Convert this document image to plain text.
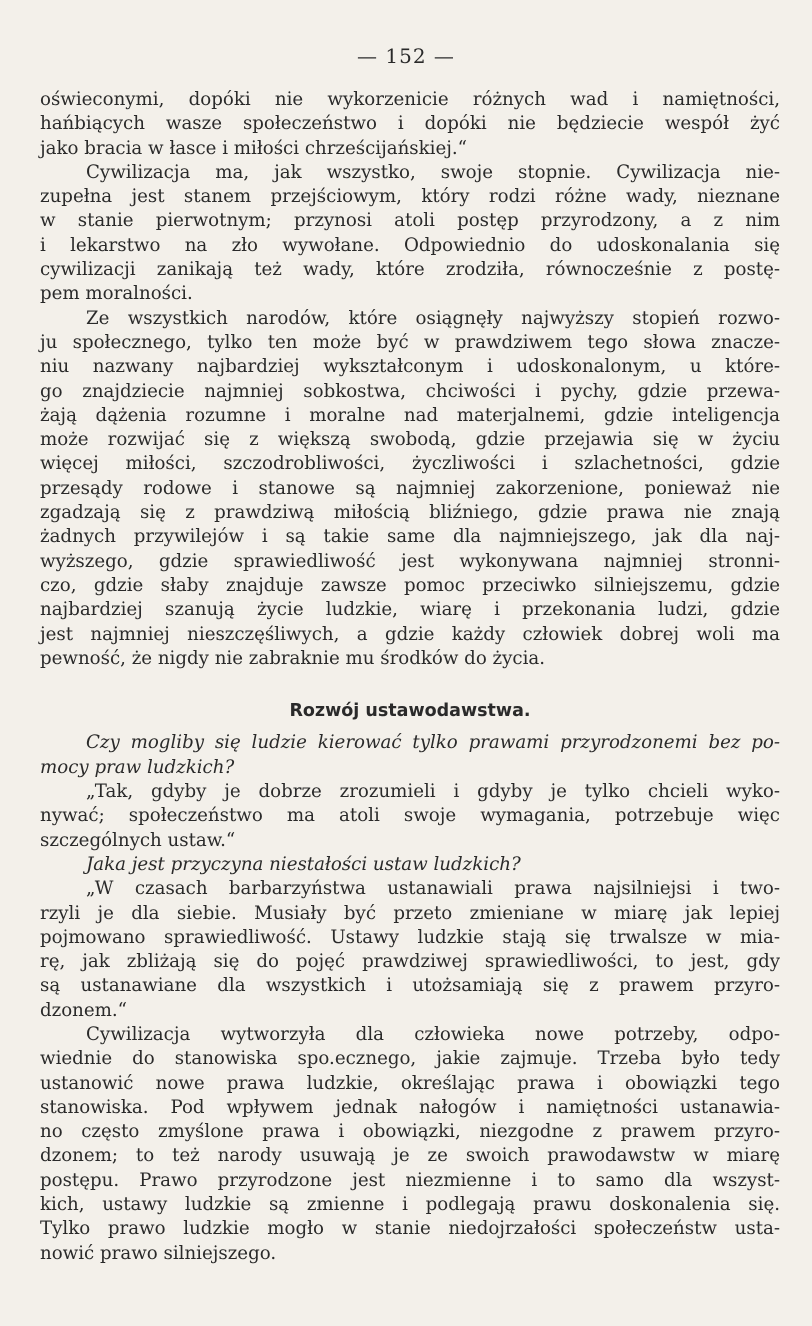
— 152 —
oświeconymi, dopóki nie wykorzenicie różnych wad i namiętności,
hańbiących wasze społeczeństwo i dopóki nie będziecie wespół żyć
jako bracia w łasce i miłości chrześcijańskiej.“
Cywilizacja ma, jak wszystko, swoje stopnie. Cywilizacja nie-
zupełna jest stanem przejściowym, który rodzi różne wady, nieznane
w stanie pierwotnym; przynosi atoli postęp przyrodzony, a z nim
i lekarstwo na zło wywołane. Odpowiednio do udoskonalania się
cywilizacji zanikają też wady, które zrodziła, równocześnie z postę-
pem moralności.
Ze wszystkich narodów, które osiągnęły najwyższy stopień rozwo-
ju społecznego, tylko ten może być w prawdziwem tego słowa znacze-
niu nazwany najbardziej wykształconym i udoskonalonym, u które-
go znajdziecie najmniej sobkostwa, chciwości i pychy, gdzie przewa-
żają dążenia rozumne i moralne nad materjalnemi, gdzie inteligencja
może rozwijać się z większą swobodą, gdzie przejawia się w życiu
więcej miłości, szczodrobliwości, życzliwości i szlachetności, gdzie
przesądy rodowe i stanowe są najmniej zakorzenione, ponieważ nie
zgadzają się z prawdziwą miłością bliźniego, gdzie prawa nie znają
żadnych przywilejów i są takie same dla najmniejszego, jak dla naj-
wyższego, gdzie sprawiedliwość jest wykonywana najmniej stronni-
czo, gdzie słaby znajduje zawsze pomoc przeciwko silniejszemu, gdzie
najbardziej szanują życie ludzkie, wiarę i przekonania ludzi, gdzie
jest najmniej nieszczęśliwych, a gdzie każdy człowiek dobrej woli ma
pewność, że nigdy nie zabraknie mu środków do życia.
Rozwój ustawodawstwa.
Czy mogliby się ludzie kierować tylko prawami przyrodzonemi bez po-
mocy praw ludzkich?
„Tak, gdyby je dobrze zrozumieli i gdyby je tylko chcieli wyko-
nywać; społeczeństwo ma atoli swoje wymagania, potrzebuje więc
szczególnych ustaw.“
Jaka jest przyczyna niestałości ustaw ludzkich?
„W czasach barbarzyństwa ustanawiali prawa najsilniejsi i two-
rzyli je dla siebie. Musiały być przeto zmieniane w miarę jak lepiej
pojmowano sprawiedliwość. Ustawy ludzkie stają się trwalsze w mia-
rę, jak zbliżają się do pojęć prawdziwej sprawiedliwości, to jest, gdy
są ustanawiane dla wszystkich i utożsamiają się z prawem przyro-
dzonem.“
Cywilizacja wytworzyła dla człowieka nowe potrzeby, odpo-
wiednie do stanowiska spo.ecznego, jakie zajmuje. Trzeba było tedy
ustanowić nowe prawa ludzkie, określając prawa i obowiązki tego
stanowiska. Pod wpływem jednak nałogów i namiętności ustanawia-
no często zmyślone prawa i obowiązki, niezgodne z prawem przyro-
dzonem; to też narody usuwają je ze swoich prawodawstw w miarę
postępu. Prawo przyrodzone jest niezmienne i to samo dla wszyst-
kich, ustawy ludzkie są zmienne i podlegają prawu doskonalenia się.
Tylko prawo ludzkie mogło w stanie niedojrzałości społeczeństw usta-
nowić prawo silniejszego.
